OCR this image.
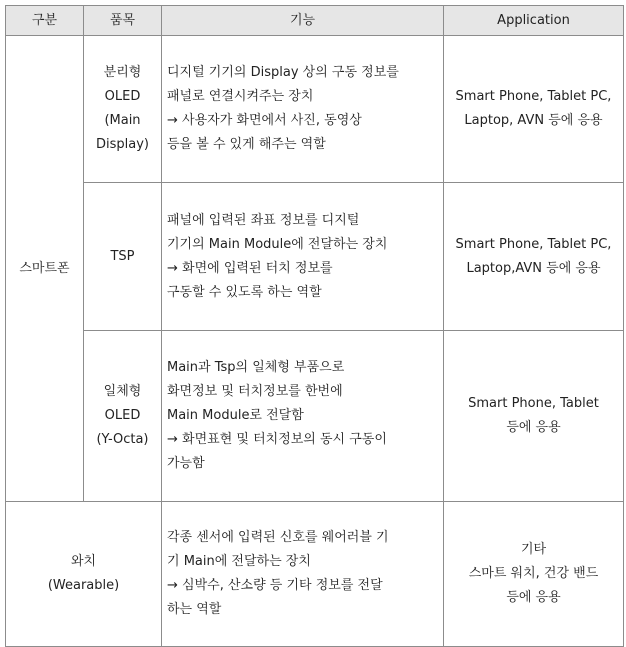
구분	품목	기능	Application

스마트폰	분리형
OLED
(Main
Display)	디지털 기기의 Display 상의 구동 정보를
패널로 연결시켜주는 장치
→ 사용자가 화면에서 사진, 동영상
등을 볼 수 있게 해주는 역할	Smart Phone, Tablet PC,
Laptop, AVN 등에 응용

	TSP	패널에 입력된 좌표 정보를 디지털
기기의 Main Module에 전달하는 장치
→ 화면에 입력된 터치 정보를
구동할 수 있도록 하는 역할	Smart Phone, Tablet PC,
Laptop,AVN 등에 응용

	일체형
OLED
(Y-Octa)	Main과 Tsp의 일체형 부품으로
화면정보 및 터치정보를 한번에
Main Module로 전달함
→ 화면표현 및 터치정보의 동시 구동이
가능함	Smart Phone, Tablet
등에 응용

와치
(Wearable)		각종 센서에 입력된 신호를 웨어러블 기
기 Main에 전달하는 장치
→ 심박수, 산소량 등 기타 정보를 전달
하는 역할	기타
스마트 워치, 건강 밴드
등에 응용
